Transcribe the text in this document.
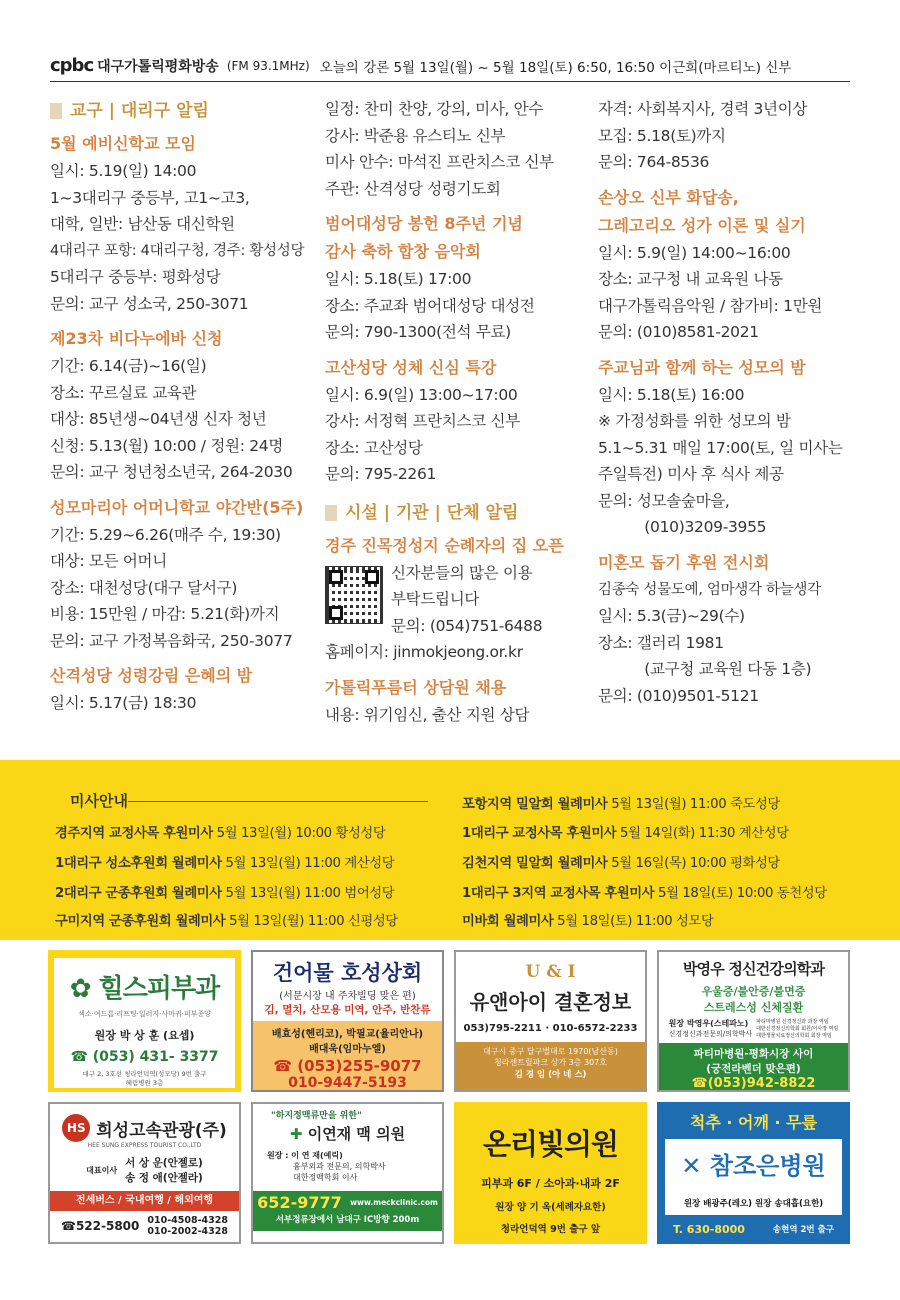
cpbc 대구가톨릭평화방송 (FM 93.1MHz) 오늘의 강론 5월 13일(월) ~ 5월 18일(토) 6:50, 16:50 이근희(마르티노) 신부
교구 | 대리구 알림
5월 예비신학교 모임
일시: 5.19(일) 14:00
1~3대리구 중등부, 고1~고3,
대학, 일반: 남산동 대신학원
4대리구 포항: 4대리구청, 경주: 황성성당
5대리구 중등부: 평화성당
문의: 교구 성소국, 250-3071
제23차 비다누에바 신청
기간: 6.14(금)~16(일)
장소: 꾸르실료 교육관
대상: 85년생~04년생 신자 청년
신청: 5.13(월) 10:00 / 정원: 24명
문의: 교구 청년청소년국, 264-2030
성모마리아 어머니학교 야간반(5주)
기간: 5.29~6.26(매주 수, 19:30)
대상: 모든 어머니
장소: 대천성당(대구 달서구)
비용: 15만원 / 마감: 5.21(화)까지
문의: 교구 가정복음화국, 250-3077
산격성당 성령강림 은혜의 밤
일시: 5.17(금) 18:30
일정: 찬미 찬양, 강의, 미사, 안수
강사: 박준용 유스티노 신부
미사 안수: 마석진 프란치스코 신부
주관: 산격성당 성령기도회
범어대성당 봉헌 8주년 기념
감사 축하 합창 음악회
일시: 5.18(토) 17:00
장소: 주교좌 범어대성당 대성전
문의: 790-1300(전석 무료)
고산성당 성체 신심 특강
일시: 6.9(일) 13:00~17:00
강사: 서정혁 프란치스코 신부
장소: 고산성당
문의: 795-2261
시설 | 기관 | 단체 알림
경주 진목정성지 순례자의 집 오픈
신자분들의 많은 이용
부탁드립니다
문의: (054)751-6488
홈페이지: jinmokjeong.or.kr
가톨릭푸름터 상담원 채용
내용: 위기임신, 출산 지원 상담
자격: 사회복지사, 경력 3년이상
모집: 5.18(토)까지
문의: 764-8536
손상오 신부 화답송,
그레고리오 성가 이론 및 실기
일시: 5.9(일) 14:00~16:00
장소: 교구청 내 교육원 나동
대구가톨릭음악원 / 참가비: 1만원
문의: (010)8581-2021
주교님과 함께 하는 성모의 밤
일시: 5.18(토) 16:00
※ 가정성화를 위한 성모의 밤
5.1~5.31 매일 17:00(토, 일 미사는
주일특전) 미사 후 식사 제공
문의: 성모솔숲마을,
(010)3209-3955
미혼모 돕기 후원 전시회
김종숙 성물도예, 엄마생각 하늘생각
일시: 5.3(금)~29(수)
장소: 갤러리 1981
(교구청 교육원 다동 1층)
문의: (010)9501-5121
미사안내
경주지역 교정사목 후원미사 5월 13일(월) 10:00 황성성당
1대리구 성소후원회 월례미사 5월 13일(월) 11:00 계산성당
2대리구 군종후원회 월례미사 5월 13일(월) 11:00 범어성당
구미지역 군종후원회 월례미사 5월 13일(월) 11:00 신평성당
포항지역 밀알회 월례미사 5월 13일(월) 11:00 죽도성당
1대리구 교정사목 후원미사 5월 14일(화) 11:30 계산성당
김천지역 밀알회 월례미사 5월 16일(목) 10:00 평화성당
1대리구 3지역 교정사목 후원미사 5월 18일(토) 10:00 동천성당
미바회 월례미사 5월 18일(토) 11:00 성모당
✿ 힐스피부과
색소·여드름·리프팅·일러지·사마귀·피부종양
원장 박 상 훈 (요셉)
☎ (053) 431- 3377
대구 2, 3호선 청라언덕역(성모당) 9번 출구
혜림병원 3층
건어물 호성상회
(서문시장 내 주차빌딩 맞은 편)
김, 멸치, 산모용 미역, 안주, 반찬류
배효성(헨리코), 박필교(율리안나)
배대욱(임마누엘)
☎ (053)255-9077
010-9447-5193
U & I
유앤아이 결혼정보
053)795-2211 · 010-6572-2233
대구시 중구 달구벌대로 1970(남산동)
청라센트릴파크 상가 3층 307호
김 경 임 (아 네 스)
박영우 정신건강의학과
우울증/불안증/불면증
스트레스성 신체질환
원장 박영우(스테파노)
신경정신과전문의/의학박사
파티마병원 신경정신과 과장 역임
대한신경정신의학회 회원/이사장 역임
대한생물치료정신의학회 회장 역임
파티마병원-평화시장 사이
(궁전라벤더 맞은편)
☎(053)942-8822
HS 희성고속관광(주)
HEE SUNG EXPRESS TOURIST CO.,LTD
대표이사
서 상 운(안젤로)
송 정 애(안젤라)
전세버스 / 국내여행 / 해외여행
☎522-5800 010-4508-4328
010-2002-4328
"하지정맥류만을 위한"
✚ 이연재 맥 의원
원장 : 이 연 재(예릭)
흉부외과 전문의, 의학박사
대한정맥학회 이사
652-9777 www.meckclinic.com
서부정류장에서 남대구 IC방향 200m
온리빛의원
피부과 6F / 소아과·내과 2F
원장 양 기 옥(세례자요한)
청라언덕역 9번 출구 앞
척추 · 어깨 · 무릎
✕ 참조은병원
원장 배광주(레오) 원장 송대흡(요한)
T. 630-8000	송현역 2번 출구
